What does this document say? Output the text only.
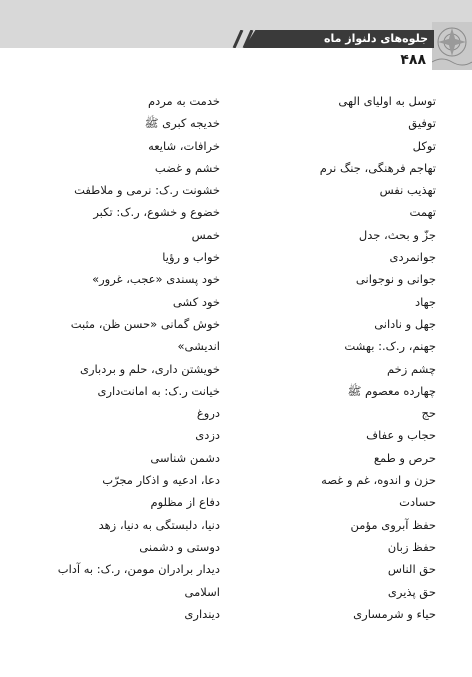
جلوه‌های دلنواز ماه
۴۸۸
توسل به اولیای الهی
توفیق
توکل
تهاجم فرهنگی، جنگ نرم
تهذیب نفس
تهمت
جزّ و بحث، جدل
جوانمردی
جوانی و نوجوانی
جهاد
جهل و نادانی
جهنم، ر.ک.: بهشت
چشم زخم
چهارده معصوم ﷺ
حج
حجاب و عفاف
حرص و طمع
حزن و اندوه، غم و غصه
حسادت
حفظ آبروی مؤمن
حفظ زبان
حق الناس
حق پذیری
حیاء و شرمساری
خدمت به مردم
خدیجه کبری ﷺ
خرافات، شایعه
خشم و غضب
خشونت ر.ک: نرمی و ملاطفت
خضوع و خشوع، ر.ک: تکبر
خمس
خواب و رؤیا
خود پسندی «عجب، غرور»
خود کشی
خوش گمانی «حسن ظن، مثبت
اندیشی»
خویشتن داری، حلم و بردباری
خیانت ر.ک: به امانت‌داری
دروغ
دزدی
دشمن شناسی
دعا، ادعیه و اذکار مجرّب
دفاع از مظلوم
دنیا، دلبستگی به دنیا، زهد
دوستی و دشمنی
دیدار برادران مومن، ر.ک: به آداب
اسلامی
دینداری
